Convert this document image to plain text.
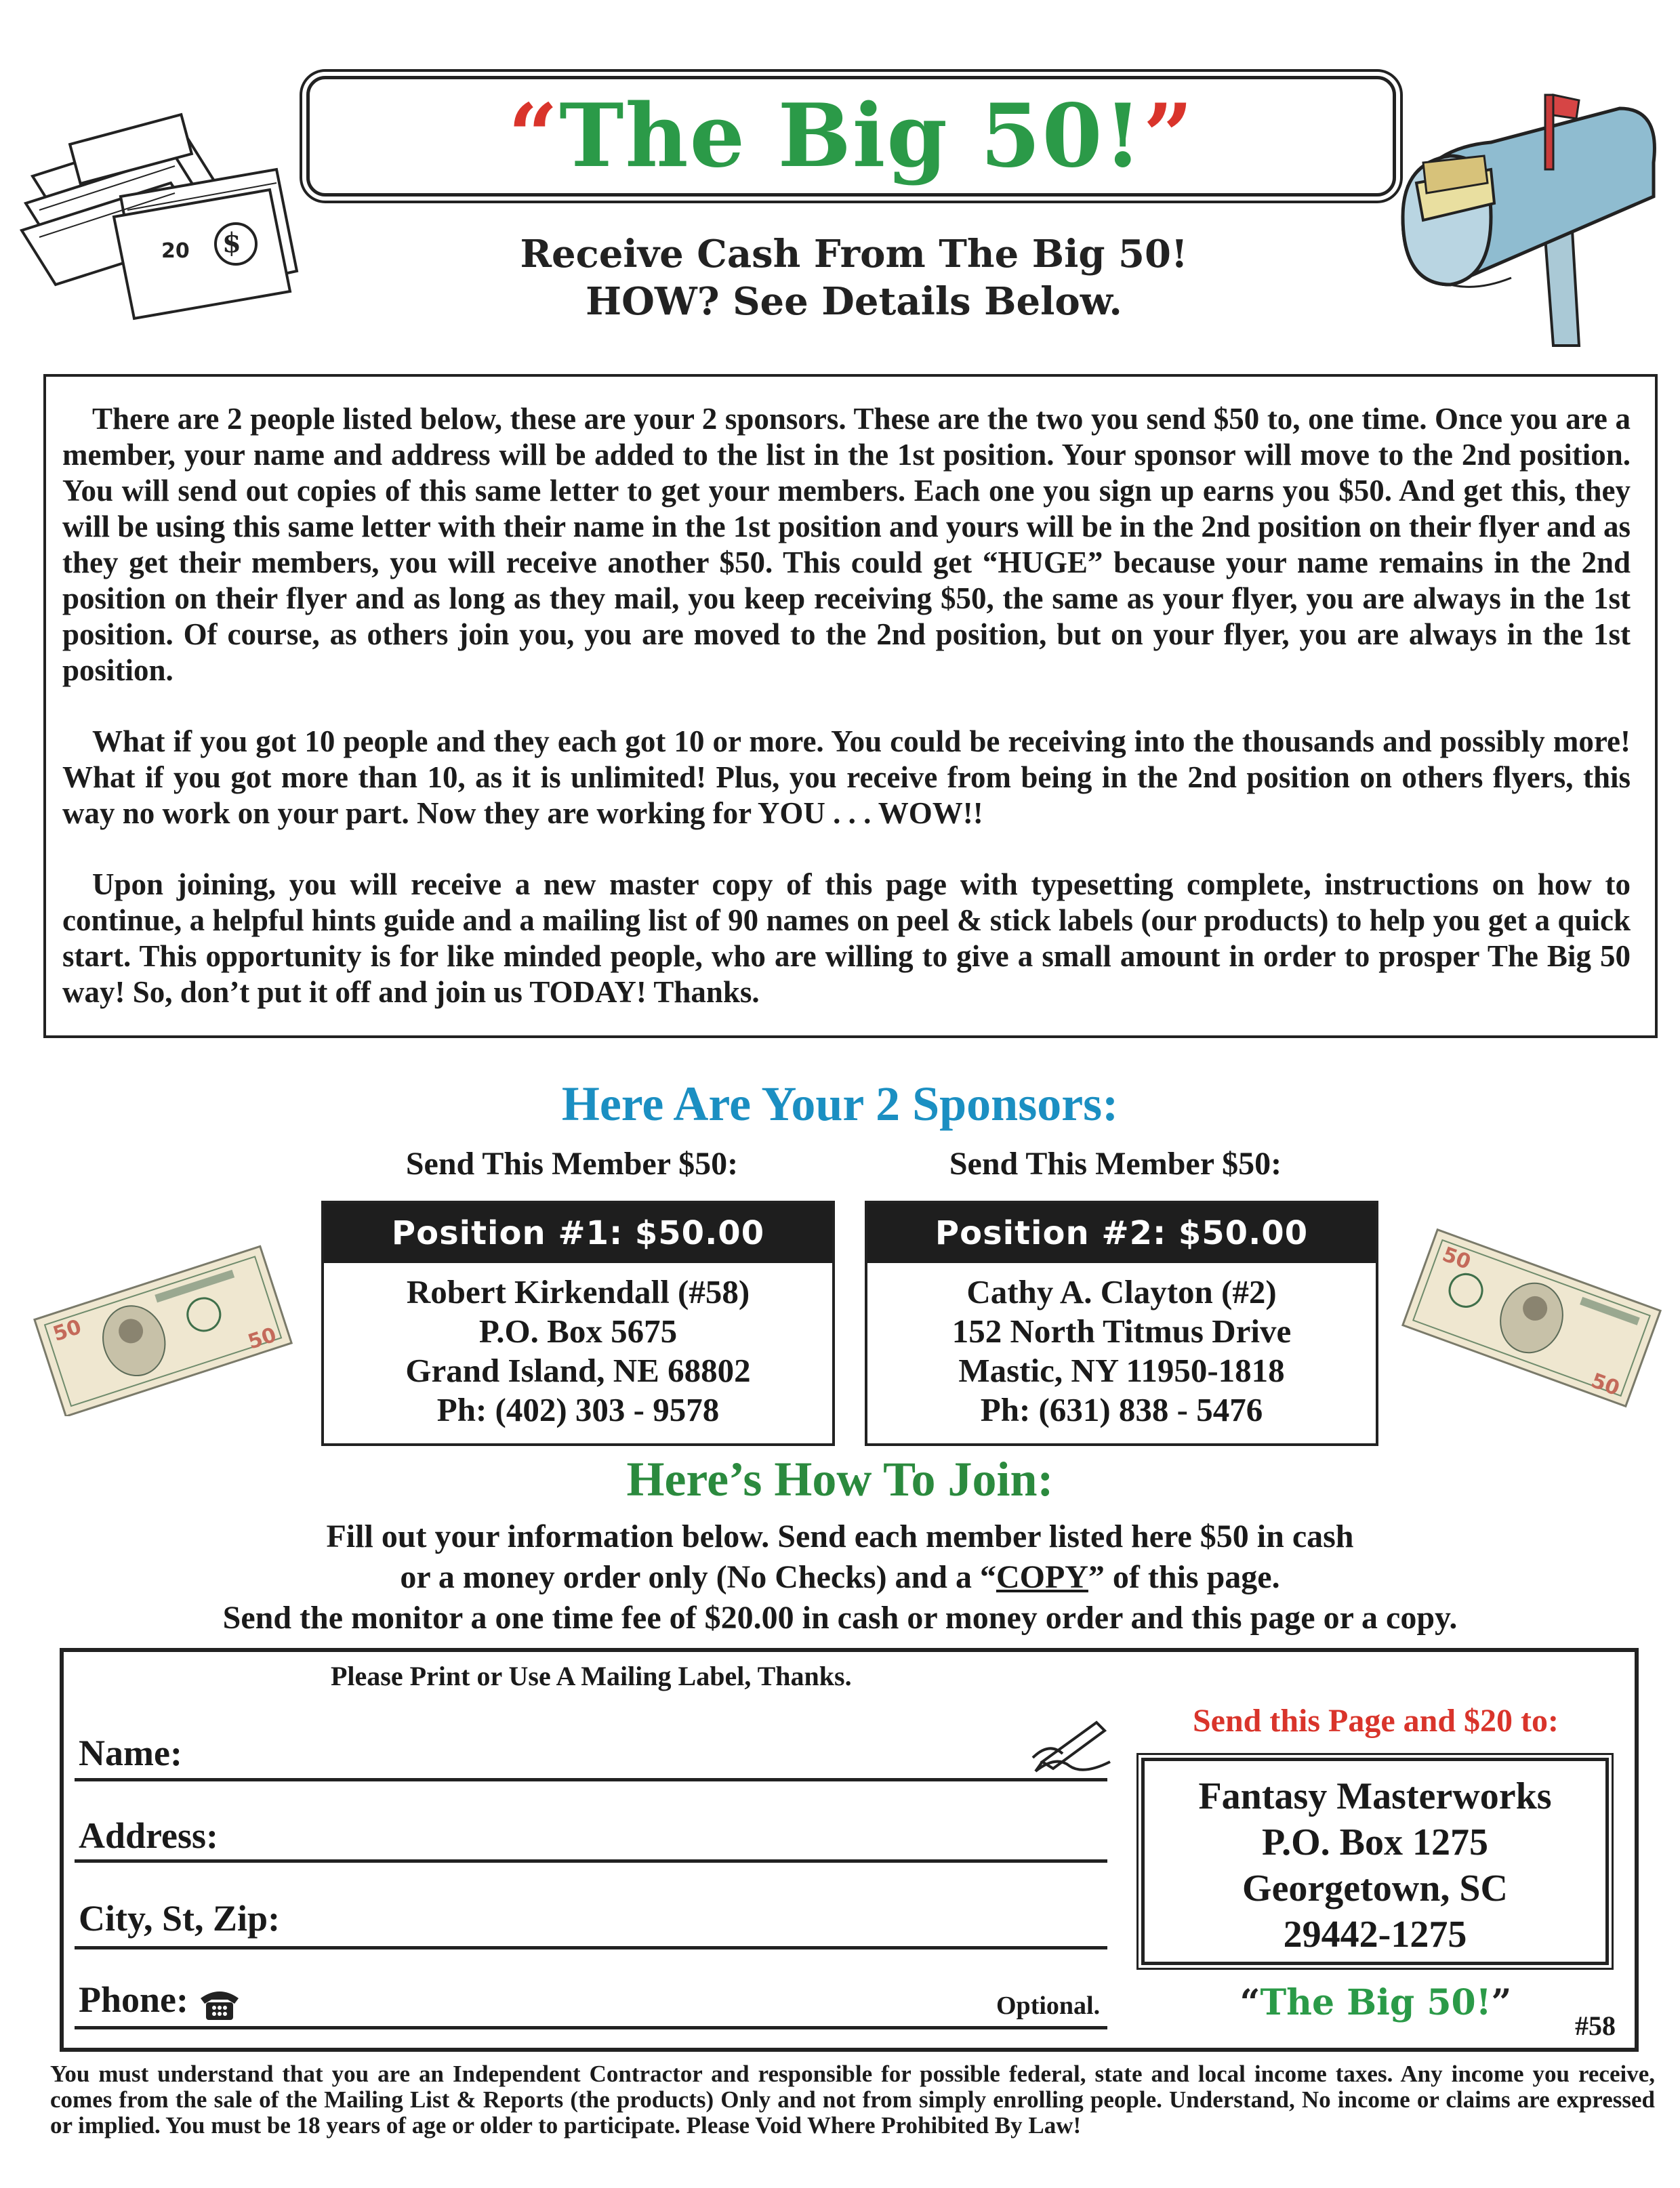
$
20
“ The Big 50! ”
Receive Cash From The Big 50!
HOW? See Details Below.

There are 2 people listed below, these are your 2 sponsors. These are the two you send $50 to, one time. Once you are a member, your name and address will be added to the list in the 1st position. Your sponsor will move to the 2nd position. You will send out copies of this same letter to get your members. Each one you sign up earns you $50. And get this, they will be using this same letter with their name in the 1st position and yours will be in the 2nd position on their flyer and as they get their members, you will receive another $50. This could get “HUGE” because your name remains in the 2nd position on their flyer and as long as they mail, you keep receiving $50, the same as your flyer, you are always in the 1st position. Of course, as others join you, you are moved to the 2nd position, but on your flyer, you are always in the 1st position.

What if you got 10 people and they each got 10 or more. You could be receiving into the thousands and possibly more! What if you got more than 10, as it is unlimited! Plus, you receive from being in the 2nd position on others flyers, this way no work on your part. Now they are working for YOU . . . WOW!!

Upon joining, you will receive a new master copy of this page with typesetting complete, instructions on how to continue, a helpful hints guide and a mailing list of 90 names on peel & stick labels (our products) to help you get a quick start. This opportunity is for like minded people, who are willing to give a small amount in order to prosper The Big 50 way! So, don’t put it off and join us TODAY! Thanks.

Here Are Your 2 Sponsors:
Send This Member $50:	Send This Member $50:
50	50
Position #1: $50.00
Robert Kirkendall (#58)
P.O. Box 5675
Grand Island, NE 68802
Ph: (402) 303 - 9578
Position #2: $50.00
Cathy A. Clayton (#2)
152 North Titmus Drive
Mastic, NY 11950-1818
Ph: (631) 838 - 5476
50
50
Here’s How To Join:
Fill out your information below. Send each member listed here $50 in cash
or a money order only (No Checks) and a “COPY” of this page.
Send the monitor a one time fee of $20.00 in cash or money order and this page or a copy.
Please Print or Use A Mailing Label, Thanks.
Name:
Address:
City, St, Zip:
Phone:	Optional.
Send this Page and $20 to:
Fantasy Masterworks
P.O. Box 1275
Georgetown, SC
29442-1275
“The Big 50!”
#58
You must understand that you are an Independent Contractor and responsible for possible federal, state and local income taxes. Any income you receive, comes from the sale of the Mailing List & Reports (the products) Only and not from simply enrolling people. Understand, No income or claims are expressed or implied. You must be 18 years of age or older to participate. Please Void Where Prohibited By Law!
